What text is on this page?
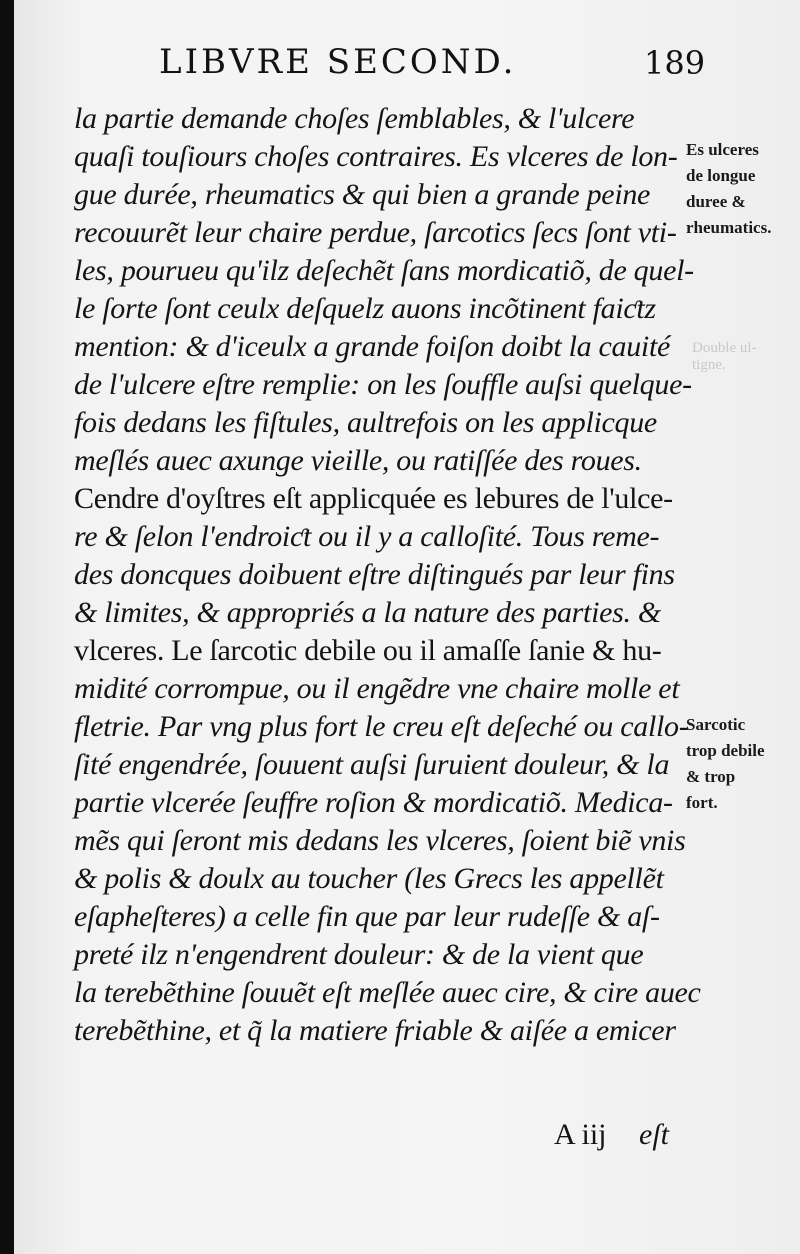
LIBVRE SECOND.	189
la partie demande choſes ſemblables, & l'ulcere
quaſi touſiours choſes contraires. Es vlceres de lon-
gue durée, rheumatics & qui bien a grande peine
recouurẽt leur chaire perdue, ſarcotics ſecs ſont vti-
les, pourueu qu'ilz deſechẽt ſans mordicatiõ, de quel-
le ſorte ſont ceulx deſquelz auons incõtinent faiƈtz
mention: & d'iceulx a grande foiſon doibt la cauité
de l'ulcere eſtre remplie: on les ſouffle auſsi quelque-
fois dedans les fiſtules, aultrefois on les applicque
meſlés auec axunge vieille, ou ratiſſée des roues.
Cendre d'oyſtres eſt applicquée es lebures de l'ulce-
re & ſelon l'endroiƈt ou il y a calloſité. Tous reme-
des doncques doibuent eſtre diſtingués par leur fins
& limites, & appropriés a la nature des parties. &
vlceres. Le ſarcotic debile ou il amaſſe ſanie & hu-
midité corrompue, ou il engẽdre vne chaire molle et
fletrie. Par vng plus fort le creu eſt deſeché ou callo-
ſité engendrée, ſouuent auſsi ſuruient douleur, & la
partie vlcerée ſeuffre roſion & mordicatiõ. Medica-
mẽs qui ſeront mis dedans les vlceres, ſoient biẽ vnis
& polis & doulx au toucher (les Grecs les appellẽt
eſapheſteres) a celle fin que par leur rudeſſe & aſ-
preté ilz n'engendrent douleur: & de la vient que
la terebẽthine ſouuẽt eſt meſlée auec cire, & cire auec
terebẽthine, et q̃ la matiere friable & aiſée a emicer
A iij eſt
Es ulceres
de longue
duree &
rheumatics.
Sarcotic
trop debile
& trop
fort.
Double ul-
tigne.
